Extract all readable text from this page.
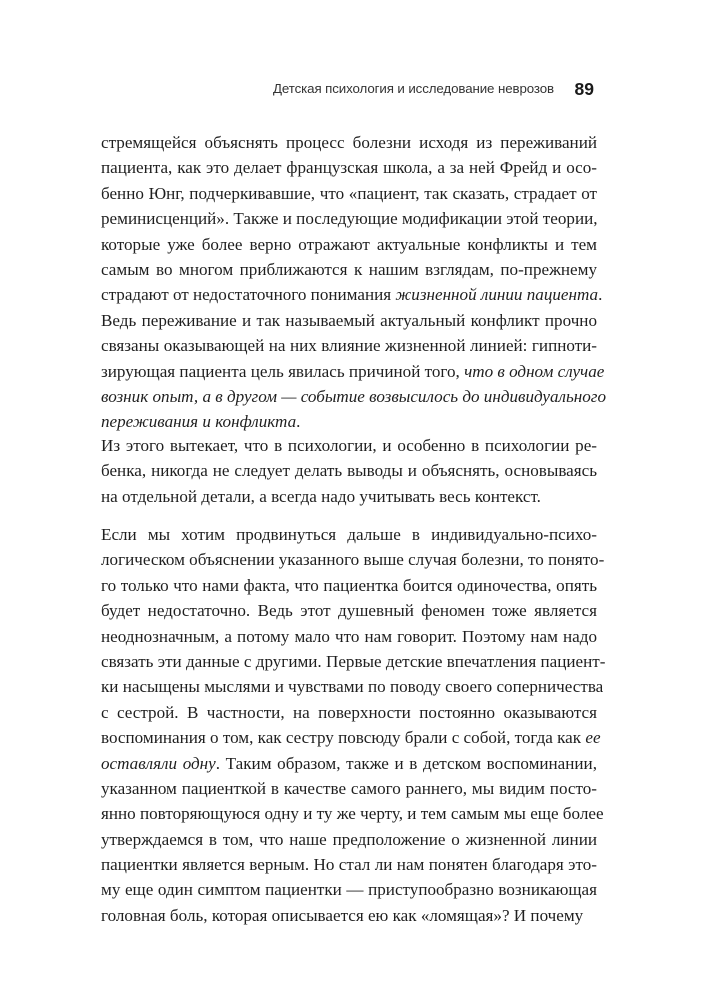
Детская психология и исследование неврозов 89
стремящейся объяснять процесс болезни исходя из переживаний
пациента, как это делает французская школа, а за ней Фрейд и осо-
бенно Юнг, подчеркивавшие, что «пациент, так сказать, страдает от
реминисценций». Также и последующие модификации этой теории,
которые уже более верно отражают актуальные конфликты и тем
самым во многом приближаются к нашим взглядам, по-прежнему
страдают от недостаточного понимания жизненной линии пациента.
Ведь переживание и так называемый актуальный конфликт прочно
связаны оказывающей на них влияние жизненной линией: гипноти-
зирующая пациента цель явилась причиной того, что в одном случае
возник опыт, а в другом — событие возвысилось до индивидуального
переживания и конфликта.
Из этого вытекает, что в психологии, и особенно в психологии ре-
бенка, никогда не следует делать выводы и объяснять, основываясь
на отдельной детали, а всегда надо учитывать весь контекст.
Если мы хотим продвинуться дальше в индивидуально-психо-
логическом объяснении указанного выше случая болезни, то понято-
го только что нами факта, что пациентка боится одиночества, опять
будет недостаточно. Ведь этот душевный феномен тоже является
неоднозначным, а потому мало что нам говорит. Поэтому нам надо
связать эти данные с другими. Первые детские впечатления пациент-
ки насыщены мыслями и чувствами по поводу своего соперничества
с сестрой. В частности, на поверхности постоянно оказываются
воспоминания о том, как сестру повсюду брали с собой, тогда как ее
оставляли одну. Таким образом, также и в детском воспоминании,
указанном пациенткой в качестве самого раннего, мы видим посто-
янно повторяющуюся одну и ту же черту, и тем самым мы еще более
утверждаемся в том, что наше предположение о жизненной линии
пациентки является верным. Но стал ли нам понятен благодаря это-
му еще один симптом пациентки — приступообразно возникающая
головная боль, которая описывается ею как «ломящая»? И почему
